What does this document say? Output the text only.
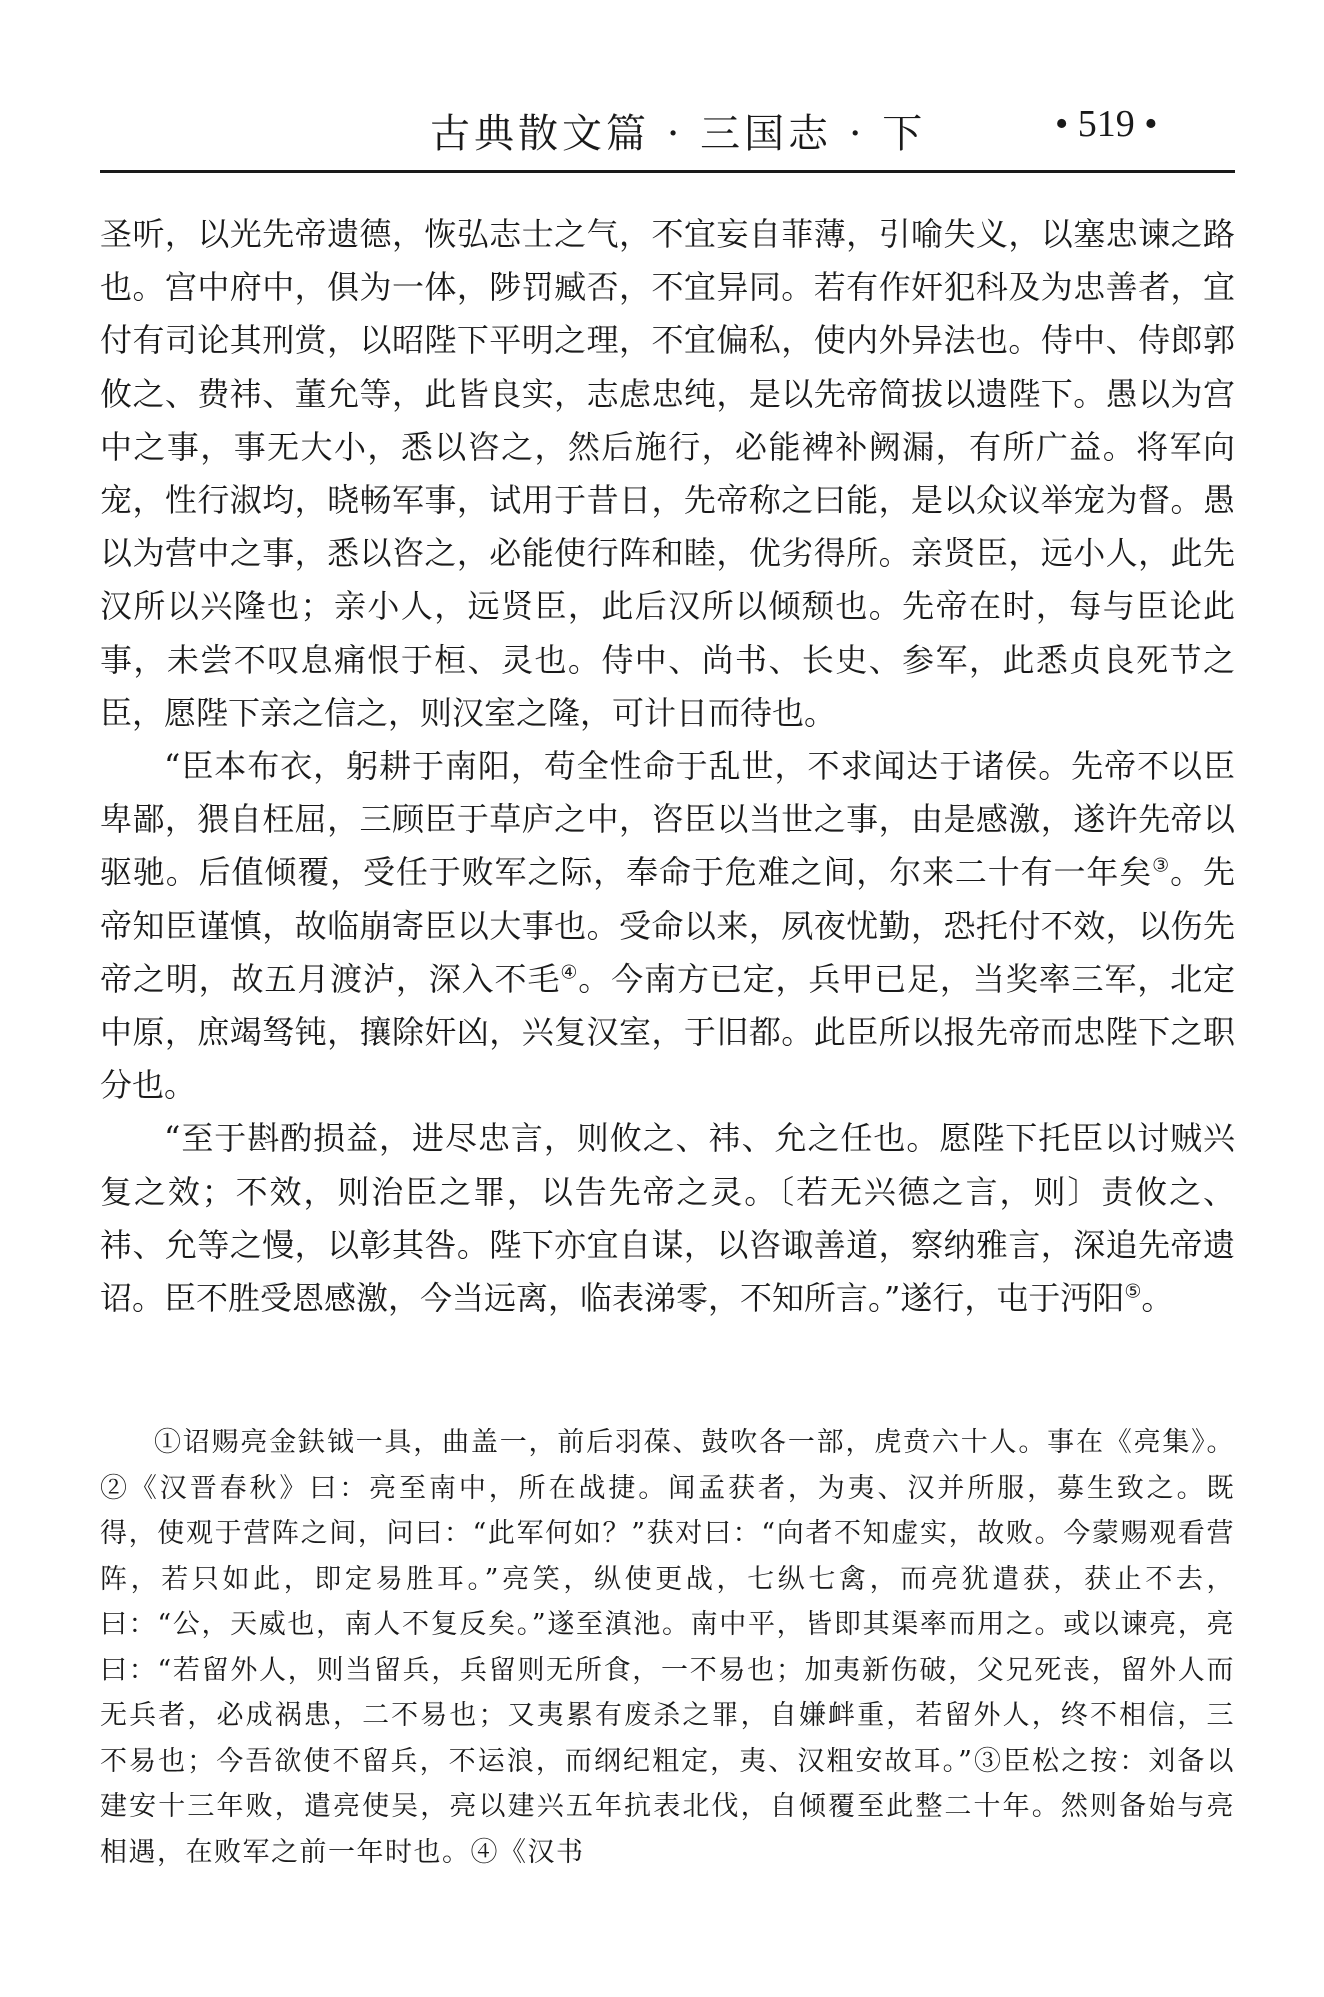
古典散文篇 · 三国志 · 下	• 519 •

圣听，以光先帝遗德，恢弘志士之气，不宜妄自菲薄，引喻失义，以塞忠谏之路也。宫中府中，俱为一体，陟罚臧否，不宜异同。若有作奸犯科及为忠善者，宜付有司论其刑赏，以昭陛下平明之理，不宜偏私，使内外异法也。侍中、侍郎郭攸之、费祎、董允等，此皆良实，志虑忠纯，是以先帝简拔以遗陛下。愚以为宫中之事，事无大小，悉以咨之，然后施行，必能裨补阙漏，有所广益。将军向宠，性行淑均，晓畅军事，试用于昔日，先帝称之曰能，是以众议举宠为督。愚以为营中之事，悉以咨之，必能使行阵和睦，优劣得所。亲贤臣，远小人，此先汉所以兴隆也；亲小人，远贤臣，此后汉所以倾颓也。先帝在时，每与臣论此事，未尝不叹息痛恨于桓、灵也。侍中、尚书、长史、参军，此悉贞良死节之臣，愿陛下亲之信之，则汉室之隆，可计日而待也。

“臣本布衣，躬耕于南阳，苟全性命于乱世，不求闻达于诸侯。先帝不以臣卑鄙，猥自枉屈，三顾臣于草庐之中，咨臣以当世之事，由是感激，遂许先帝以驱驰。后值倾覆，受任于败军之际，奉命于危难之间，尔来二十有一年矣③。先帝知臣谨慎，故临崩寄臣以大事也。受命以来，夙夜忧勤，恐托付不效，以伤先帝之明，故五月渡泸，深入不毛④。今南方已定，兵甲已足，当奖率三军，北定中原，庶竭驽钝，攘除奸凶，兴复汉室，于旧都。此臣所以报先帝而忠陛下之职分也。

“至于斟酌损益，进尽忠言，则攸之、祎、允之任也。愿陛下托臣以讨贼兴复之效；不效，则治臣之罪，以告先帝之灵。〔若无兴德之言，则〕责攸之、祎、允等之慢，以彰其咎。陛下亦宜自谋，以咨诹善道，察纳雅言，深追先帝遗诏。臣不胜受恩感激，今当远离，临表涕零，不知所言。”遂行，屯于沔阳⑤。

①诏赐亮金鈇钺一具，曲盖一，前后羽葆、鼓吹各一部，虎贲六十人。事在《亮集》。②《汉晋春秋》曰：亮至南中，所在战捷。闻孟获者，为夷、汉并所服，募生致之。既得，使观于营阵之间，问曰：“此军何如？”获对曰：“向者不知虚实，故败。今蒙赐观看营阵，若只如此，即定易胜耳。”亮笑，纵使更战，七纵七禽，而亮犹遣获，获止不去，曰：“公，天威也，南人不复反矣。”遂至滇池。南中平，皆即其渠率而用之。或以谏亮，亮曰：“若留外人，则当留兵，兵留则无所食，一不易也；加夷新伤破，父兄死丧，留外人而无兵者，必成祸患，二不易也；又夷累有废杀之罪，自嫌衅重，若留外人，终不相信，三不易也；今吾欲使不留兵，不运浪，而纲纪粗定，夷、汉粗安故耳。”③臣松之按：刘备以建安十三年败，遣亮使吴，亮以建兴五年抗表北伐，自倾覆至此整二十年。然则备始与亮相遇，在败军之前一年时也。④《汉书
